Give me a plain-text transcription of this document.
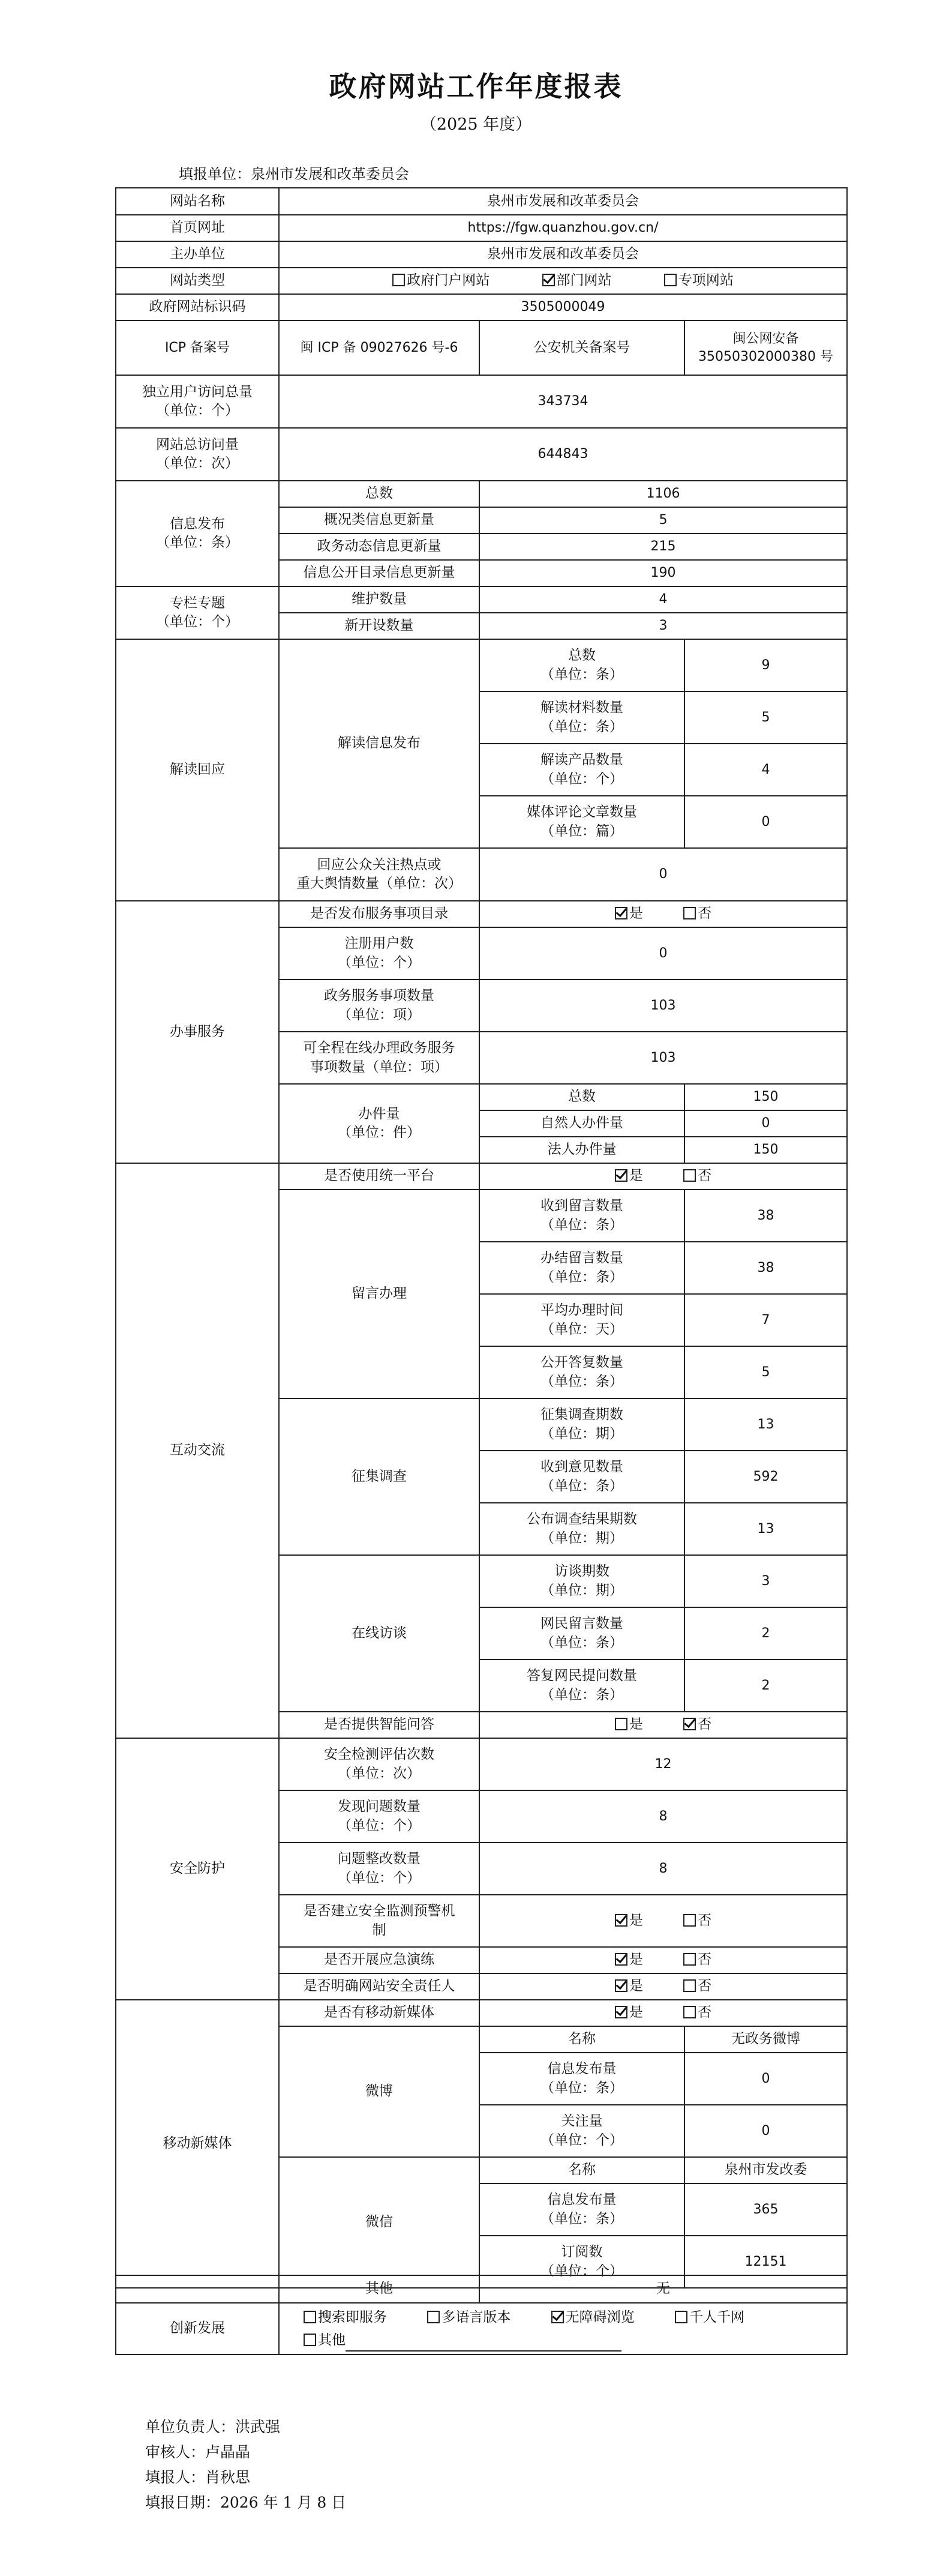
政府网站工作年度报表
（2025 年度）
填报单位：泉州市发展和改革委员会
网站名称	泉州市发展和改革委员会		
首页网址	https://fgw.quanzhou.gov.cn/		
主办单位	泉州市发展和改革委员会		
网站类型	政府门户网站 部门网站 专项网站		
政府网站标识码	3505000049		
ICP 备案号	闽 ICP 备 09027626 号-6	公安机关备案号	闽公网安备
35050302000380 号
独立用户访问总量
（单位：个）	343734		
网站总访问量
（单位：次）	644843		
信息发布
（单位：条）	总数	1106	
	概况类信息更新量	5	
	政务动态信息更新量	215	
	信息公开目录信息更新量	190	
专栏专题
（单位：个）	维护数量	4	
	新开设数量	3	
解读回应	解读信息发布	总数
（单位：条）	9
		解读材料数量
（单位：条）	5
		解读产品数量
（单位：个）	4
		媒体评论文章数量
（单位：篇）	0
	回应公众关注热点或
重大舆情数量（单位：次）	0	
办事服务	是否发布服务事项目录	是 否	
	注册用户数
（单位：个）	0	
	政务服务事项数量
（单位：项）	103	
	可全程在线办理政务服务
事项数量（单位：项）	103	
	办件量
（单位：件）	总数	150
		自然人办件量	0
		法人办件量	150
互动交流	是否使用统一平台	是 否	
	留言办理	收到留言数量
（单位：条）	38
		办结留言数量
（单位：条）	38
		平均办理时间
（单位：天）	7
		公开答复数量
（单位：条）	5
	征集调查	征集调查期数
（单位：期）	13
		收到意见数量
（单位：条）	592
		公布调查结果期数
（单位：期）	13
	在线访谈	访谈期数
（单位：期）	3
		网民留言数量
（单位：条）	2
		答复网民提问数量
（单位：条）	2
	是否提供智能问答	是 否	
安全防护	安全检测评估次数
（单位：次）	12	
	发现问题数量
（单位：个）	8	
	问题整改数量
（单位：个）	8	
	是否建立安全监测预警机
制	是 否	
	是否开展应急演练	是 否	
	是否明确网站安全责任人	是 否	
移动新媒体	是否有移动新媒体	是 否	
	微博	名称	无政务微博
		信息发布量
（单位：条）	0
		关注量
（单位：个）	0
	微信	名称	泉州市发改委
		信息发布量
（单位：条）	365
		订阅数
（单位：个）	12151
	其他	无
创新发展	搜索即服务 多语言版本 无障碍浏览 千人千网
其他	
单位负责人：洪武强
审核人：卢晶晶
填报人：肖秋思
填报日期：2026 年 1 月 8 日
